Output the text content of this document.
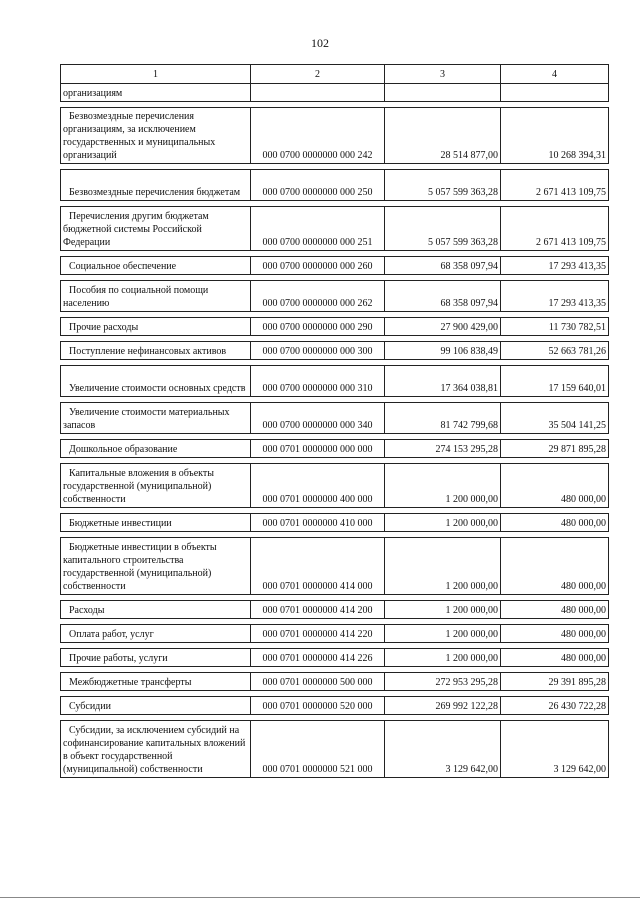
102
1	2	3	4

организациям			

Безвозмездные перечисления организациям, за исключением государственных и муниципальных организаций	000 0700 0000000 000 242	28 514 877,00	10 268 394,31

Безвозмездные перечисления бюджетам	000 0700 0000000 000 250	5 057 599 363,28	2 671 413 109,75

Перечисления другим бюджетам бюджетной системы Российской Федерации	000 0700 0000000 000 251	5 057 599 363,28	2 671 413 109,75

Социальное обеспечение	000 0700 0000000 000 260	68 358 097,94	17 293 413,35

Пособия по социальной помощи населению	000 0700 0000000 000 262	68 358 097,94	17 293 413,35

Прочие расходы	000 0700 0000000 000 290	27 900 429,00	11 730 782,51

Поступление нефинансовых активов	000 0700 0000000 000 300	99 106 838,49	52 663 781,26

Увеличение стоимости основных средств	000 0700 0000000 000 310	17 364 038,81	17 159 640,01

Увеличение стоимости материальных запасов	000 0700 0000000 000 340	81 742 799,68	35 504 141,25

Дошкольное образование	000 0701 0000000 000 000	274 153 295,28	29 871 895,28

Капитальные вложения в объекты государственной (муниципальной) собственности	000 0701 0000000 400 000	1 200 000,00	480 000,00

Бюджетные инвестиции	000 0701 0000000 410 000	1 200 000,00	480 000,00

Бюджетные инвестиции в объекты капитального строительства государственной (муниципальной) собственности	000 0701 0000000 414 000	1 200 000,00	480 000,00

Расходы	000 0701 0000000 414 200	1 200 000,00	480 000,00

Оплата работ, услуг	000 0701 0000000 414 220	1 200 000,00	480 000,00

Прочие работы, услуги	000 0701 0000000 414 226	1 200 000,00	480 000,00

Межбюджетные трансферты	000 0701 0000000 500 000	272 953 295,28	29 391 895,28

Субсидии	000 0701 0000000 520 000	269 992 122,28	26 430 722,28

Субсидии, за исключением субсидий на софинансирование капитальных вложений в объект государственной (муниципальной) собственности	000 0701 0000000 521 000	3 129 642,00	3 129 642,00
